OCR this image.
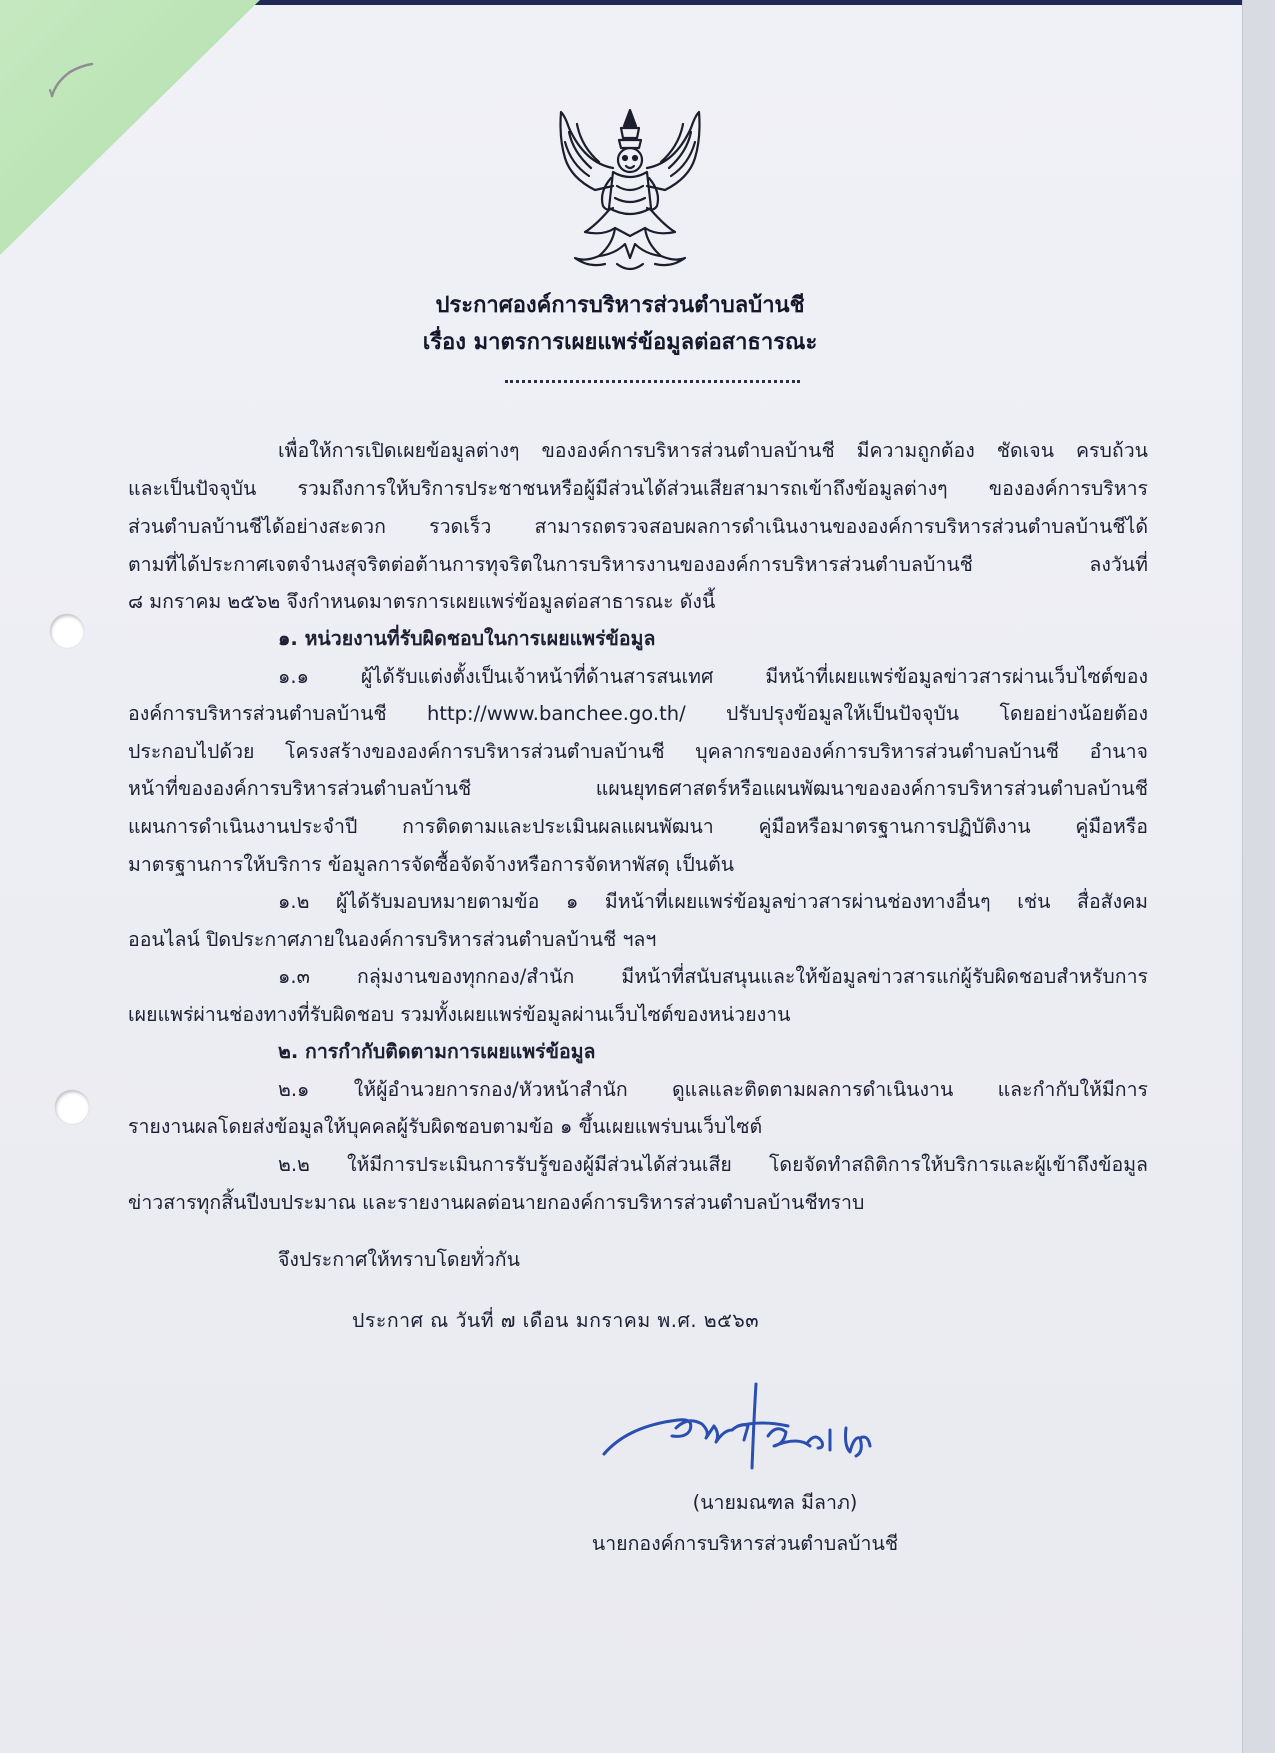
ประกาศองค์การบริหารส่วนตำบลบ้านชี
เรื่อง มาตรการเผยแพร่ข้อมูลต่อสาธารณะ
เพื่อให้การเปิดเผยข้อมูลต่างๆ ขององค์การบริหารส่วนตำบลบ้านชี มีความถูกต้อง ชัดเจน ครบถ้วน
และเป็นปัจจุบัน รวมถึงการให้บริการประชาชนหรือผู้มีส่วนได้ส่วนเสียสามารถเข้าถึงข้อมูลต่างๆ ขององค์การบริหาร
ส่วนตำบลบ้านชีได้อย่างสะดวก รวดเร็ว สามารถตรวจสอบผลการดำเนินงานขององค์การบริหารส่วนตำบลบ้านชีได้
ตามที่ได้ประกาศเจตจำนงสุจริตต่อต้านการทุจริตในการบริหารงานขององค์การบริหารส่วนตำบลบ้านชี ลงวันที่
๘ มกราคม ๒๕๖๒ จึงกำหนดมาตรการเผยแพร่ข้อมูลต่อสาธารณะ ดังนี้
๑. หน่วยงานที่รับผิดชอบในการเผยแพร่ข้อมูล
๑.๑ ผู้ได้รับแต่งตั้งเป็นเจ้าหน้าที่ด้านสารสนเทศ มีหน้าที่เผยแพร่ข้อมูลข่าวสารผ่านเว็บไซต์ของ
องค์การบริหารส่วนตำบลบ้านชี http://www.banchee.go.th/ ปรับปรุงข้อมูลให้เป็นปัจจุบัน โดยอย่างน้อยต้อง
ประกอบไปด้วย โครงสร้างขององค์การบริหารส่วนตำบลบ้านชี บุคลากรขององค์การบริหารส่วนตำบลบ้านชี อำนาจ
หน้าที่ขององค์การบริหารส่วนตำบลบ้านชี แผนยุทธศาสตร์หรือแผนพัฒนาขององค์การบริหารส่วนตำบลบ้านชี
แผนการดำเนินงานประจำปี การติดตามและประเมินผลแผนพัฒนา คู่มือหรือมาตรฐานการปฏิบัติงาน คู่มือหรือ
มาตรฐานการให้บริการ ข้อมูลการจัดซื้อจัดจ้างหรือการจัดหาพัสดุ เป็นต้น
๑.๒ ผู้ได้รับมอบหมายตามข้อ ๑ มีหน้าที่เผยแพร่ข้อมูลข่าวสารผ่านช่องทางอื่นๆ เช่น สื่อสังคม
ออนไลน์ ปิดประกาศภายในองค์การบริหารส่วนตำบลบ้านชี ฯลฯ
๑.๓ กลุ่มงานของทุกกอง/สำนัก มีหน้าที่สนับสนุนและให้ข้อมูลข่าวสารแก่ผู้รับผิดชอบสำหรับการ
เผยแพร่ผ่านช่องทางที่รับผิดชอบ รวมทั้งเผยแพร่ข้อมูลผ่านเว็บไซต์ของหน่วยงาน
๒. การกำกับติดตามการเผยแพร่ข้อมูล
๒.๑ ให้ผู้อำนวยการกอง/หัวหน้าสำนัก ดูแลและติดตามผลการดำเนินงาน และกำกับให้มีการ
รายงานผลโดยส่งข้อมูลให้บุคคลผู้รับผิดชอบตามข้อ ๑ ขึ้นเผยแพร่บนเว็บไซต์
๒.๒ ให้มีการประเมินการรับรู้ของผู้มีส่วนได้ส่วนเสีย โดยจัดทำสถิติการให้บริการและผู้เข้าถึงข้อมูล
ข่าวสารทุกสิ้นปีงบประมาณ และรายงานผลต่อนายกองค์การบริหารส่วนตำบลบ้านชีทราบ
จึงประกาศให้ทราบโดยทั่วกัน
ประกาศ ณ วันที่ ๗ เดือน มกราคม พ.ศ. ๒๕๖๓
(นายมณฑล มีลาภ)
นายกองค์การบริหารส่วนตำบลบ้านชี
